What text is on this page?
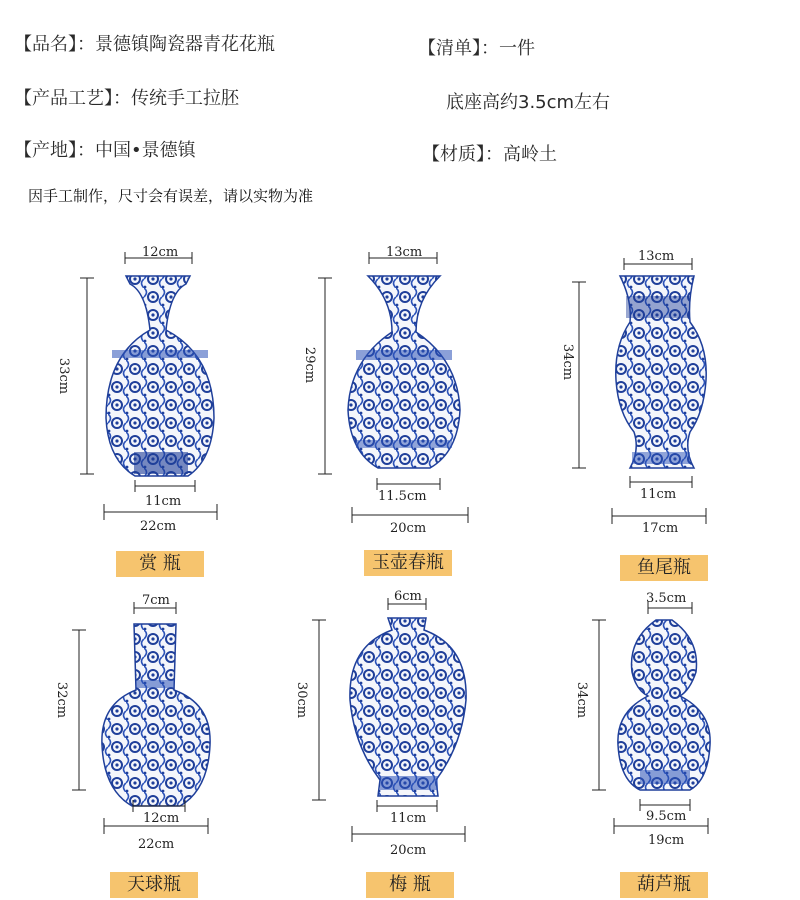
【品名】：景德镇陶瓷器青花花瓶
【产品工艺】：传统手工拉胚
【产地】：中国•景德镇
【清单】：一件
底座高约3.5cm左右
【材质】：高岭土
因手工制作，尺寸会有误差，请以实物为准
12cm
33cm
11cm
22cm
13cm
29cm
11.5cm
20cm
13cm
34cm
11cm
17cm
7cm
32cm
12cm
22cm
6cm
30cm
11cm
20cm
3.5cm
34cm
9.5cm
19cm
赏 瓶	玉壶春瓶	鱼尾瓶
天球瓶	梅 瓶	葫芦瓶
